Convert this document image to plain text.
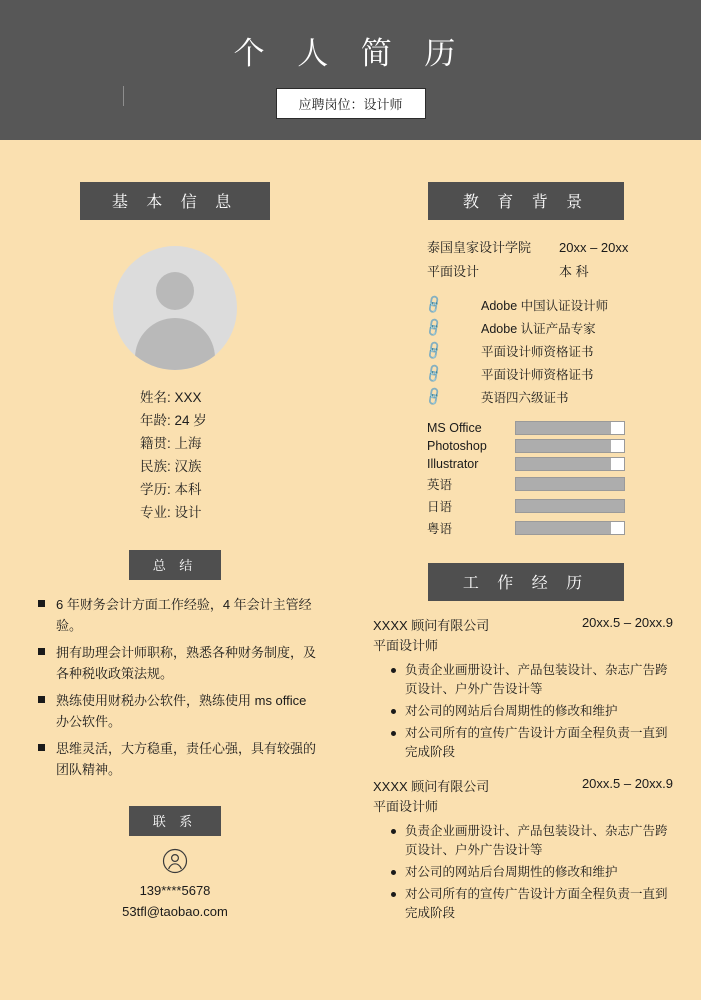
个 人 简 历
应聘岗位：设计师
基 本 信 息
姓名: XXX
年龄: 24 岁
籍贯: 上海
民族: 汉族
学历: 本科
专业: 设计
总 结
6 年财务会计方面工作经验，4 年会计主管经验。
拥有助理会计师职称，熟悉各种财务制度，及各种税收政策法规。
熟练使用财税办公软件，熟练使用 ms office 办公软件。
思维灵活，大方稳重，责任心强，具有较强的团队精神。
联 系
139****5678
53tfl@taobao.com
教 育 背 景
泰国皇家设计学院	20xx – 20xx
平面设计	本 科
🔗	Adobe 中国认证设计师
🔗	Adobe 认证产品专家
🔗	平面设计师资格证书
🔗	平面设计师资格证书
🔗	英语四六级证书
MS Office
Photoshop
Illustrator
英语
日语
粤语
工 作 经 历
XXXX 顾问有限公司	20xx.5 – 20xx.9
平面设计师
负责企业画册设计、产品包装设计、杂志广告跨页设计、户外广告设计等
对公司的网站后台周期性的修改和维护
对公司所有的宣传广告设计方面全程负责一直到完成阶段
XXXX 顾问有限公司	20xx.5 – 20xx.9
平面设计师
负责企业画册设计、产品包装设计、杂志广告跨页设计、户外广告设计等
对公司的网站后台周期性的修改和维护
对公司所有的宣传广告设计方面全程负责一直到完成阶段
